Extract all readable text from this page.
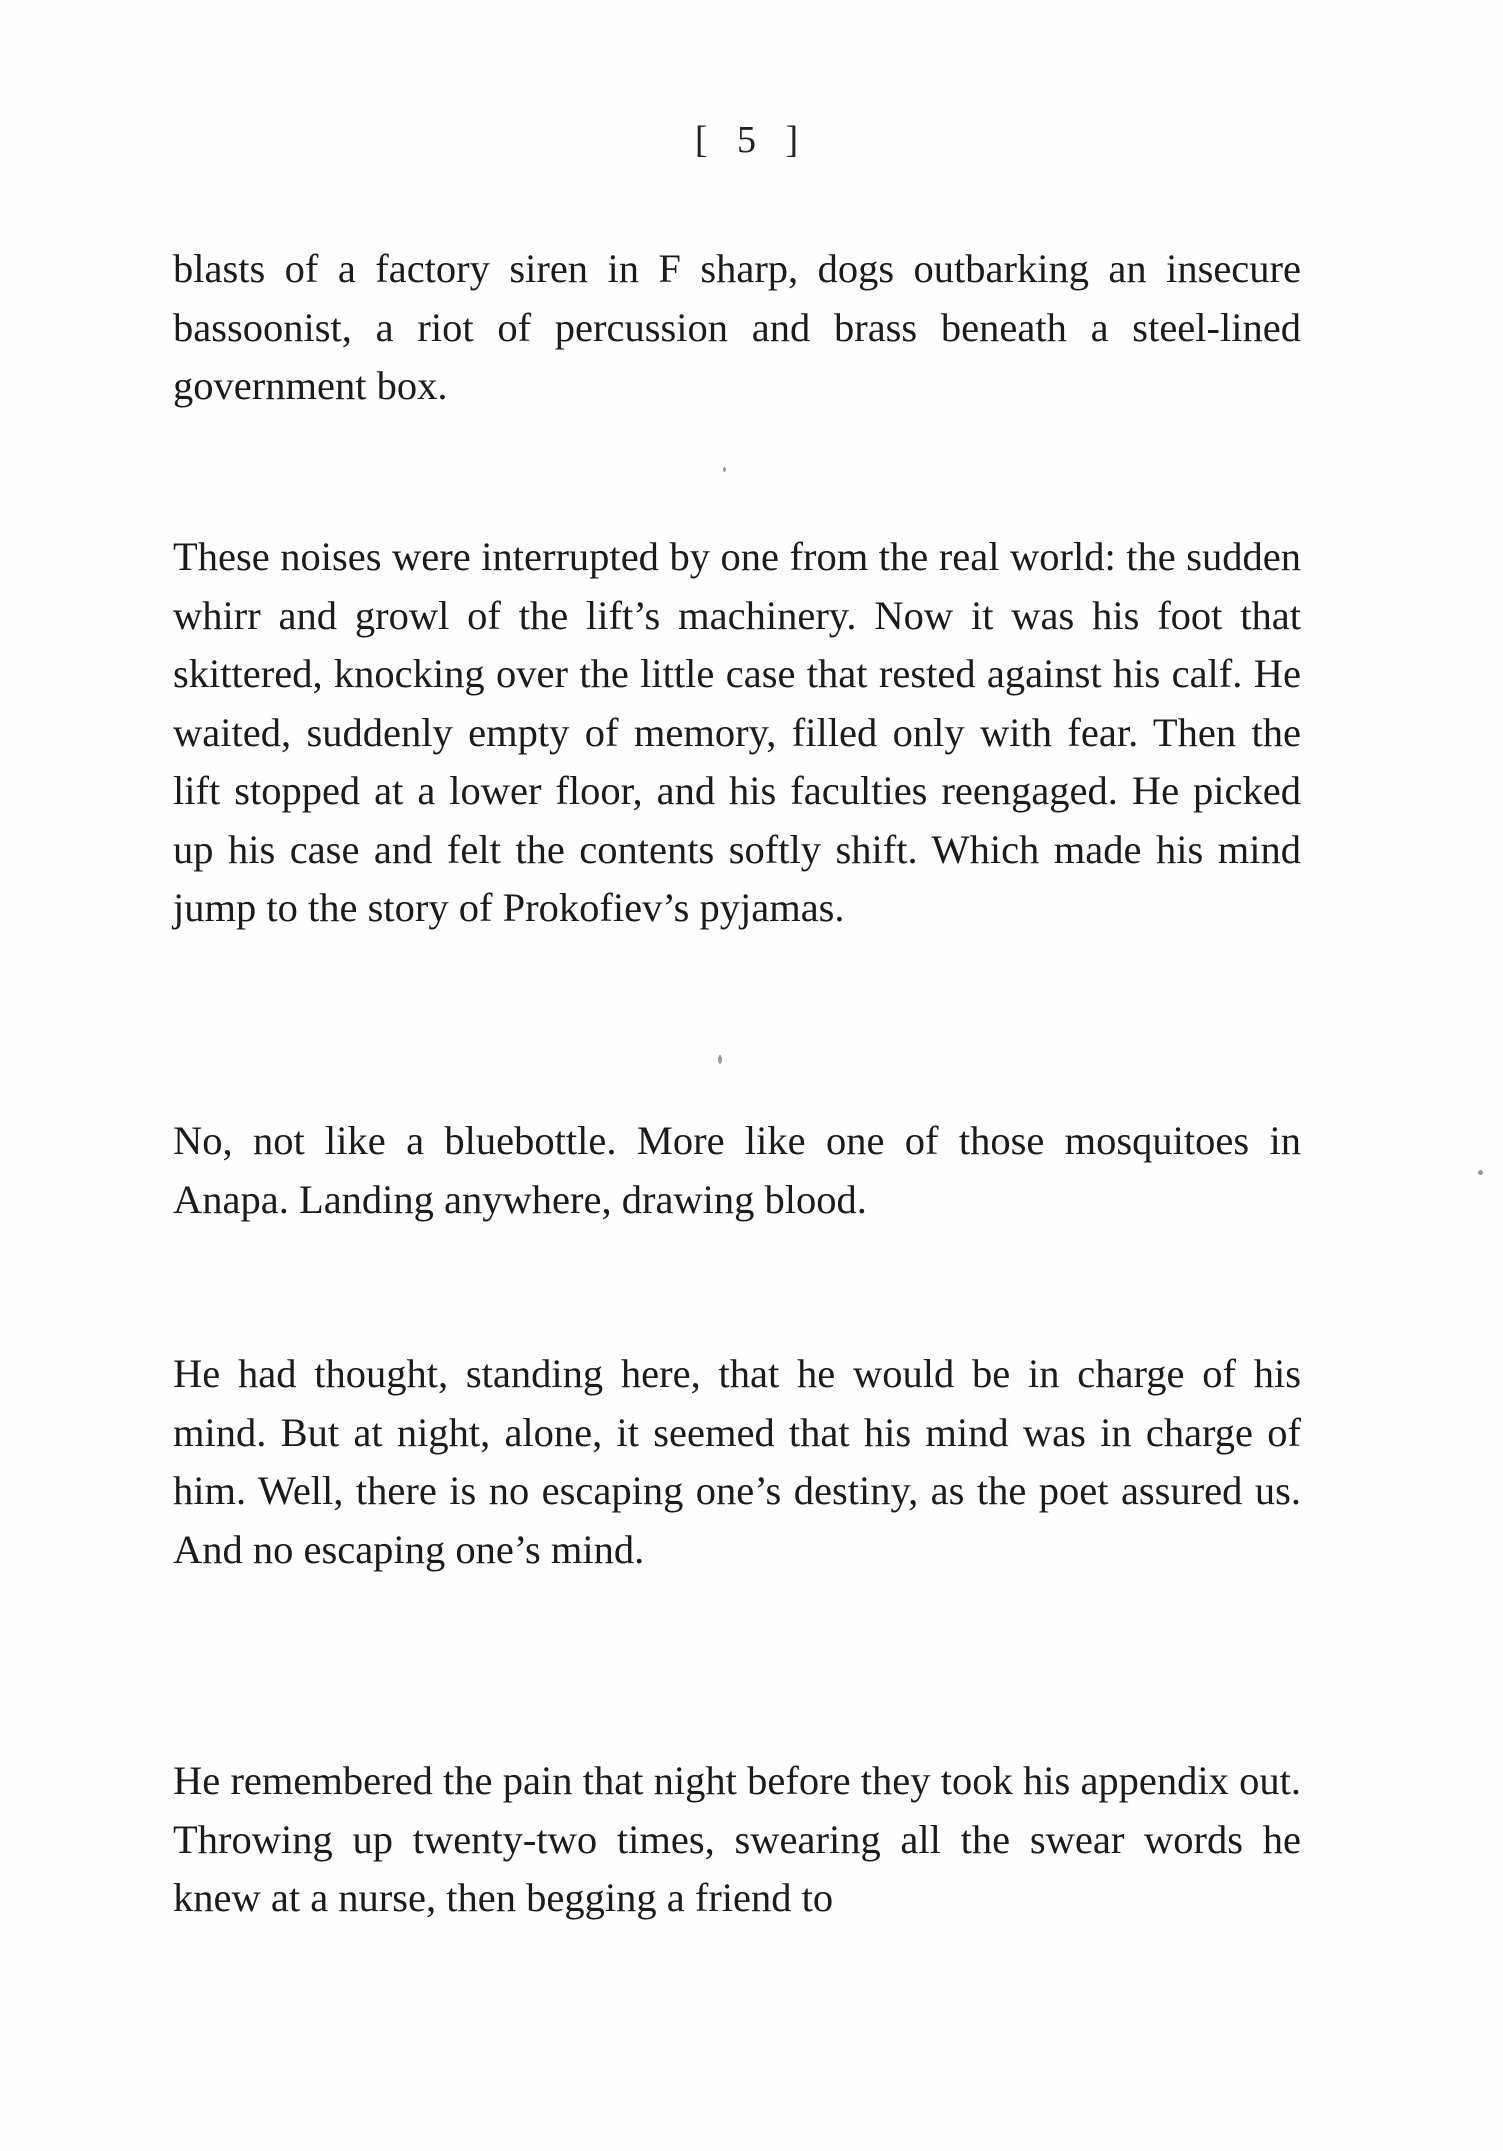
[ 5 ]

blasts of a factory siren in F sharp, dogs outbarking an insecure bassoonist, a riot of percussion and brass beneath a steel-lined government box.

These noises were interrupted by one from the real world: the sudden whirr and growl of the lift’s machinery. Now it was his foot that skittered, knocking over the little case that rested against his calf. He waited, suddenly empty of memory, filled only with fear. Then the lift stopped at a lower floor, and his faculties reengaged. He picked up his case and felt the contents softly shift. Which made his mind jump to the story of Prokofiev’s pyjamas.

No, not like a bluebottle. More like one of those mosquitoes in Anapa. Landing anywhere, drawing blood.

He had thought, standing here, that he would be in charge of his mind. But at night, alone, it seemed that his mind was in charge of him. Well, there is no escaping one’s destiny, as the poet assured us. And no escaping one’s mind.

He remembered the pain that night before they took his appendix out. Throwing up twenty-two times, swearing all the swear words he knew at a nurse, then begging a friend to
